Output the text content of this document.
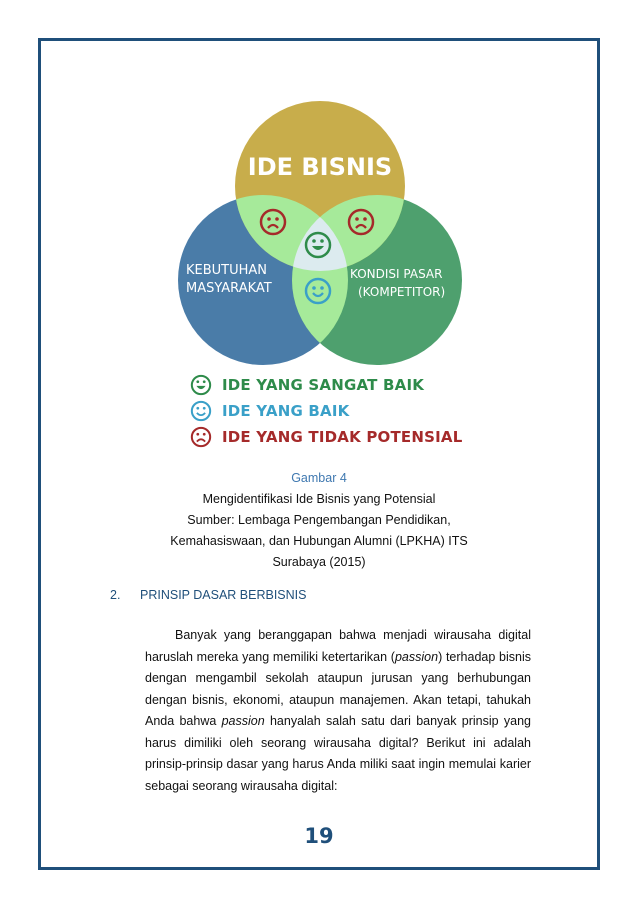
IDE BISNIS
KEBUTUHAN
MASYARAKAT
KONDISI PASAR
(KOMPETITOR)
IDE YANG SANGAT BAIK
IDE YANG BAIK
IDE YANG TIDAK POTENSIAL
Gambar 4
Mengidentifikasi Ide Bisnis yang Potensial
Sumber: Lembaga Pengembangan Pendidikan,
Kemahasiswaan, dan Hubungan Alumni (LPKHA) ITS
Surabaya (2015)
2. PRINSIP DASAR BERBISNIS

Banyak yang beranggapan bahwa menjadi wirausaha digital haruslah mereka yang memiliki ketertarikan (passion) terhadap bisnis dengan mengambil sekolah ataupun jurusan yang berhubungan dengan bisnis, ekonomi, ataupun manajemen. Akan tetapi, tahukah Anda bahwa passion hanyalah salah satu dari banyak prinsip yang harus dimiliki oleh seorang wirausaha digital? Berikut ini adalah prinsip-prinsip dasar yang harus Anda miliki saat ingin memulai karier sebagai seorang wirausaha digital:

19
